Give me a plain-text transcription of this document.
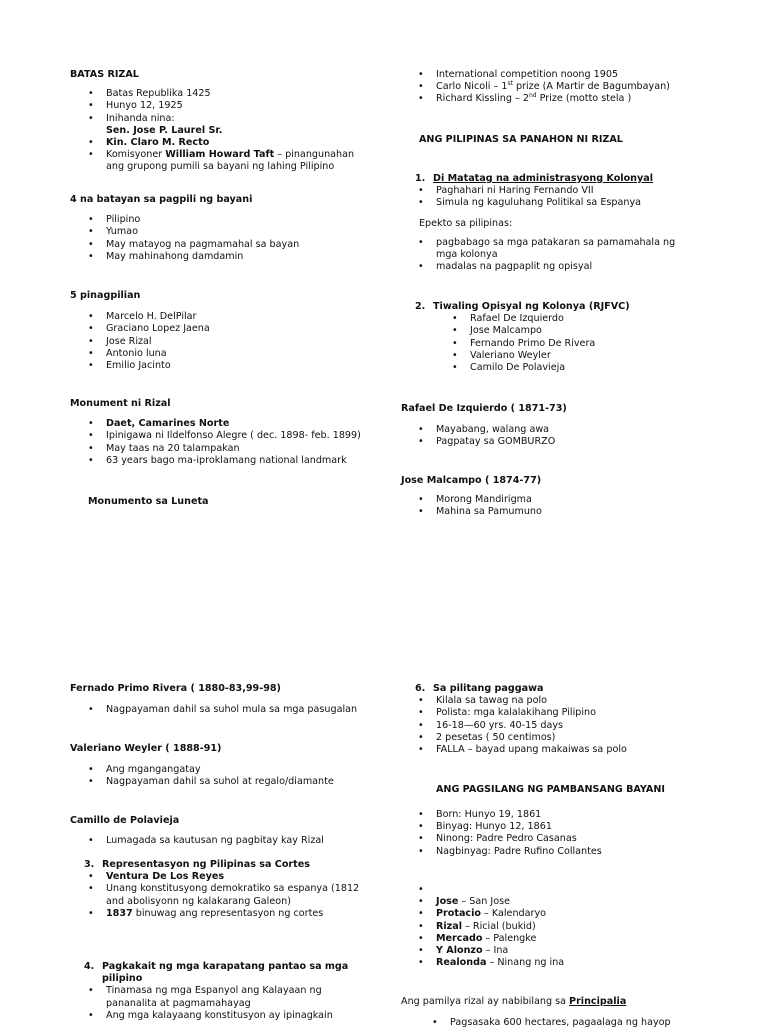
BATAS RIZAL
• Batas Republika 1425
• Hunyo 12, 1925
• Inihanda nina:
Sen. Jose P. Laurel Sr.
• Kin. Claro M. Recto
• Komisyoner William Howard Taft – pinangunahan ang grupong pumili sa bayani ng lahing Pilipino
4 na batayan sa pagpili ng bayani
• Pilipino
• Yumao
• May matayog na pagmamahal sa bayan
• May mahinahong damdamin
5 pinagpilian
• Marcelo H. DelPilar
• Graciano Lopez Jaena
• Jose Rizal
• Antonio luna
• Emilio Jacinto
Monument ni Rizal
• Daet, Camarines Norte
• Ipinigawa ni Ildelfonso Alegre ( dec. 1898- feb. 1899)
• May taas na 20 talampakan
• 63 years bago ma-iproklamang national landmark
Monumento sa Luneta
Fernado Primo Rivera ( 1880-83,99-98)
• Nagpayaman dahil sa suhol mula sa mga pasugalan
Valeriano Weyler ( 1888-91)
• Ang mgangangatay
• Nagpayaman dahil sa suhol at regalo/diamante
Camillo de Polavieja
• Lumagada sa kautusan ng pagbitay kay Rizal
3. Representasyon ng Pilipinas sa Cortes
• Ventura De Los Reyes
• Unang konstitusyong demokratiko sa espanya (1812 and abolisyonn ng kalakarang Galeon)
• 1837 binuwag ang representasyon ng cortes
4. Pagkakait ng mga karapatang pantao sa mga pilipino
• Tinamasa ng mga Espanyol ang Kalayaan ng pananalita at pagmamahayag
• Ang mga kalayaang konstitusyon ay ipinagkain
• International competition noong 1905
• Carlo Nicoli – 1st prize (A Martir de Bagumbayan)
• Richard Kissling – 2nd Prize (motto stela )
ANG PILIPINAS SA PANAHON NI RIZAL
1. Di Matatag na administrasyong Kolonyal
• Paghahari ni Haring Fernando VII
• Simula ng kaguluhang Politikal sa Espanya
Epekto sa pilipinas:
• pagbabago sa mga patakaran sa pamamahala ng mga kolonya
• madalas na pagpaplit ng opisyal
2. Tiwaling Opisyal ng Kolonya (RJFVC)
• Rafael De Izquierdo
• Jose Malcampo
• Fernando Primo De Rivera
• Valeriano Weyler
• Camilo De Polavieja
Rafael De Izquierdo ( 1871-73)
• Mayabang, walang awa
• Pagpatay sa GOMBURZO
Jose Malcampo ( 1874-77)
• Morong Mandirigma
• Mahina sa Pamumuno
6. Sa pilitang paggawa
• Kilala sa tawag na polo
• Polista: mga kalalakihang Pilipino
• 16-18—60 yrs. 40-15 days
• 2 pesetas ( 50 centimos)
• FALLA – bayad upang makaiwas sa polo
ANG PAGSILANG NG PAMBANSANG BAYANI
• Born: Hunyo 19, 1861
• Binyag: Hunyo 12, 1861
• Ninong: Padre Pedro Casanas
• Nagbinyag: Padre Rufino Collantes
•
• Jose – San Jose
• Protacio – Kalendaryo
• Rizal – Ricial (bukid)
• Mercado – Palengke
• Y Alonzo – Ina
• Realonda – Ninang ng ina
Ang pamilya rizal ay nabibilang sa Principalia
• Pagsasaka 600 hectares, pagaalaga ng hayop
